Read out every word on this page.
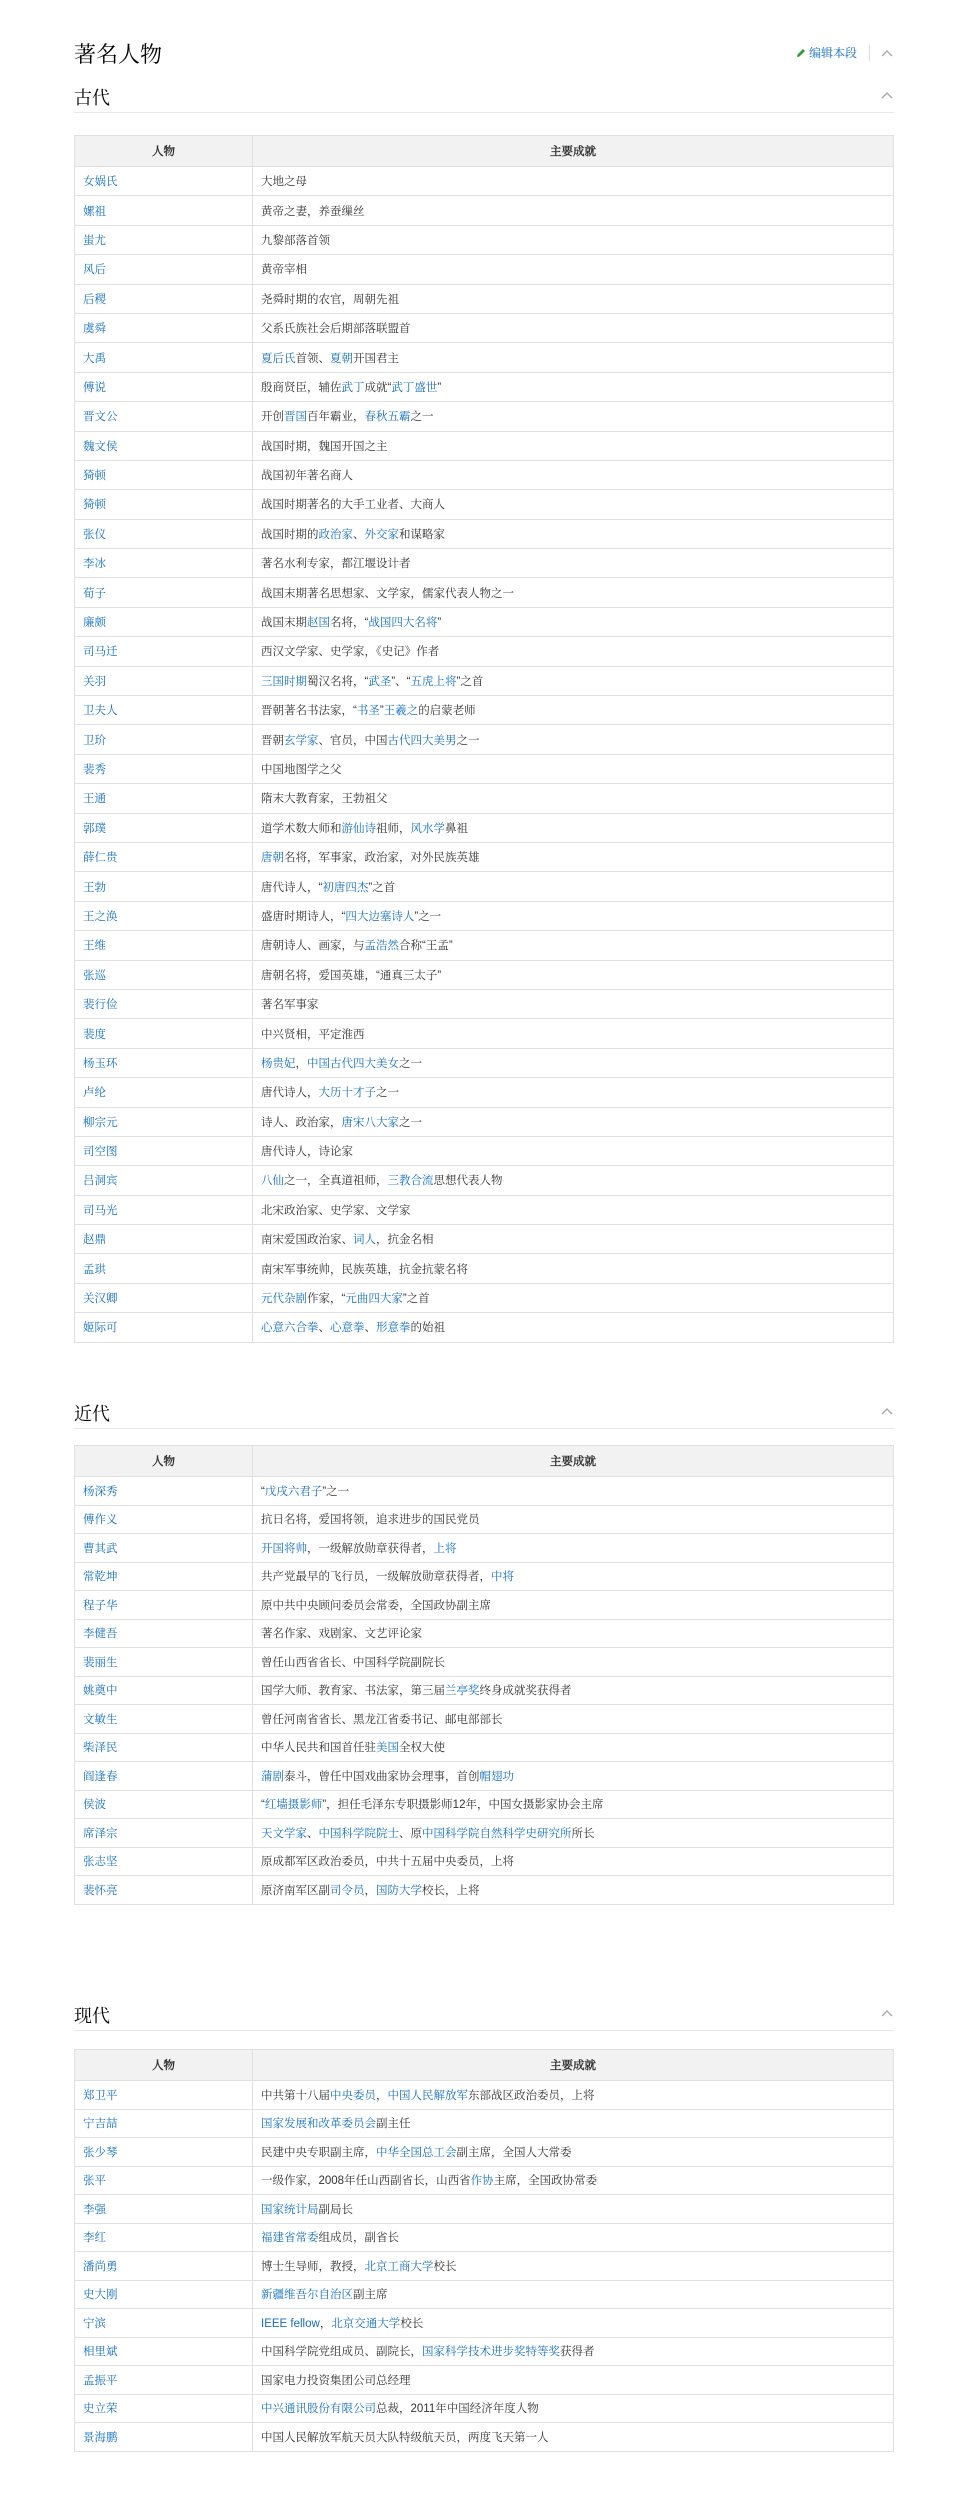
著名人物	编辑本段
古代
人物	主要成就
女娲氏	大地之母
嫘祖	黄帝之妻，养蚕缫丝
蚩尤	九黎部落首领
风后	黄帝宰相
后稷	尧舜时期的农官，周朝先祖
虞舜	父系氏族社会后期部落联盟首
大禹	夏后氏首领、夏朝开国君主
傅说	殷商贤臣，辅佐武丁成就“武丁盛世”
晋文公	开创晋国百年霸业，春秋五霸之一
魏文侯	战国时期，魏国开国之主
猗顿	战国初年著名商人
猗顿	战国时期著名的大手工业者、大商人
张仪	战国时期的政治家、外交家和谋略家
李冰	著名水利专家，都江堰设计者
荀子	战国末期著名思想家、文学家，儒家代表人物之一
廉颇	战国末期赵国名将，“战国四大名将”
司马迁	西汉文学家、史学家，《史记》作者
关羽	三国时期蜀汉名将，“武圣”、“五虎上将”之首
卫夫人	晋朝著名书法家，“书圣”王羲之的启蒙老师
卫玠	晋朝玄学家、官员，中国古代四大美男之一
裴秀	中国地图学之父
王通	隋末大教育家，王勃祖父
郭璞	道学术数大师和游仙诗祖师，风水学鼻祖
薛仁贵	唐朝名将，军事家，政治家，对外民族英雄
王勃	唐代诗人，“初唐四杰”之首
王之涣	盛唐时期诗人，“四大边塞诗人”之一
王维	唐朝诗人、画家，与孟浩然合称“王孟”
张巡	唐朝名将，爱国英雄，“通真三太子”
裴行俭	著名军事家
裴度	中兴贤相，平定淮西
杨玉环	杨贵妃，中国古代四大美女之一
卢纶	唐代诗人，大历十才子之一
柳宗元	诗人、政治家，唐宋八大家之一
司空图	唐代诗人，诗论家
吕洞宾	八仙之一，全真道祖师，三教合流思想代表人物
司马光	北宋政治家、史学家、文学家
赵鼎	南宋爱国政治家、词人，抗金名相
孟珙	南宋军事统帅，民族英雄，抗金抗蒙名将
关汉卿	元代杂剧作家，“元曲四大家”之首
姬际可	心意六合拳、心意拳、形意拳的始祖
近代
人物	主要成就
杨深秀	“戊戌六君子”之一
傅作义	抗日名将，爱国将领，追求进步的国民党员
曹其武	开国将帅，一级解放勋章获得者，上将
常乾坤	共产党最早的飞行员，一级解放勋章获得者，中将
程子华	原中共中央顾问委员会常委，全国政协副主席
李健吾	著名作家、戏剧家、文艺评论家
裴丽生	曾任山西省省长、中国科学院副院长
姚奠中	国学大师、教育家、书法家，第三届兰亭奖终身成就奖获得者
文敏生	曾任河南省省长、黑龙江省委书记、邮电部部长
柴泽民	中华人民共和国首任驻美国全权大使
阎逢春	蒲剧泰斗，曾任中国戏曲家协会理事，首创帽翅功
侯波	“红墙摄影师”，担任毛泽东专职摄影师12年，中国女摄影家协会主席
席泽宗	天文学家、中国科学院院士、原中国科学院自然科学史研究所所长
张志坚	原成都军区政治委员，中共十五届中央委员，上将
裴怀亮	原济南军区副司令员，国防大学校长，上将
现代
人物	主要成就
郑卫平	中共第十八届中央委员，中国人民解放军东部战区政治委员，上将
宁吉喆	国家发展和改革委员会副主任
张少琴	民建中央专职副主席，中华全国总工会副主席，全国人大常委
张平	一级作家，2008年任山西副省长，山西省作协主席，全国政协常委
李强	国家统计局副局长
李红	福建省常委组成员，副省长
潘尚勇	博士生导师，教授，北京工商大学校长
史大刚	新疆维吾尔自治区副主席
宁滨	IEEE fellow，北京交通大学校长
相里斌	中国科学院党组成员、副院长，国家科学技术进步奖特等奖获得者
孟振平	国家电力投资集团公司总经理
史立荣	中兴通讯股份有限公司总裁，2011年中国经济年度人物
景海鹏	中国人民解放军航天员大队特级航天员，两度飞天第一人
